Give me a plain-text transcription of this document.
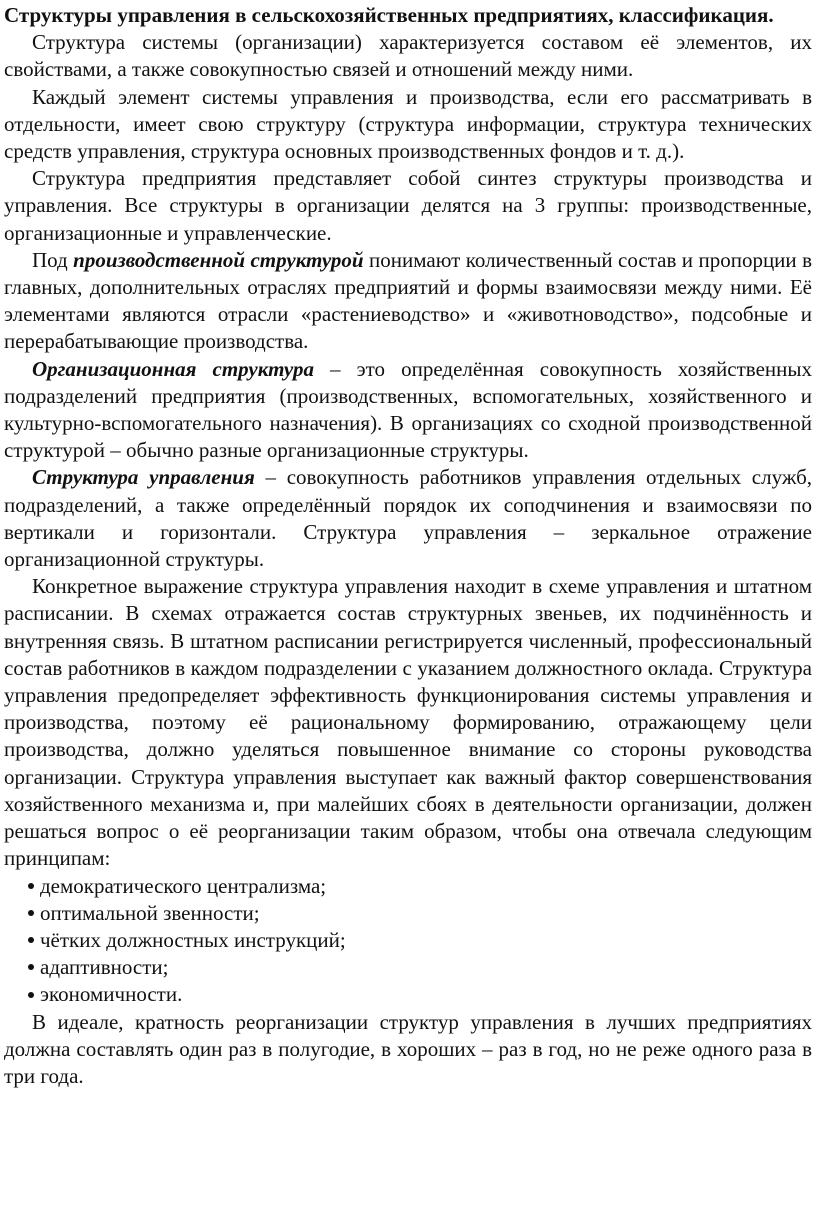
Структуры управления в сельскохозяйственных предприятиях, классификация.

Структура системы (организации) характеризуется составом её элементов, их свойствами, а также совокупностью связей и отношений между ними.

Каждый элемент системы управления и производства, если его рассматривать в отдельности, имеет свою структуру (структура информации, структура технических средств управления, структура основных производственных фондов и т. д.).

Структура предприятия представляет собой синтез структуры производства и управления. Все структуры в организации делятся на 3 группы: производственные, организационные и управленческие.

Под производственной структурой понимают количественный состав и пропорции в главных, дополнительных отраслях предприятий и формы взаимосвязи между ними. Её элементами являются отрасли «растениеводство» и «животноводство», подсобные и перерабатывающие производства.

Организационная структура – это определённая совокупность хозяйственных подразделений предприятия (производственных, вспомогательных, хозяйственного и культурно-вспомогательного назначения). В организациях со сходной производственной структурой – обычно разные организационные структуры.

Структура управления – совокупность работников управления отдельных служб, подразделений, а также определённый порядок их соподчинения и взаимосвязи по вертикали и горизонтали. Структура управления – зеркальное отражение организационной структуры.

Конкретное выражение структура управления находит в схеме управления и штатном расписании. В схемах отражается состав структурных звеньев, их подчинённость и внутренняя связь. В штатном расписании регистрируется численный, профессиональный состав работников в каждом подразделении с указанием должностного оклада. Структура управления предопределяет эффективность функционирования системы управления и производства, поэтому её рациональному формированию, отражающему цели производства, должно уделяться повышенное внимание со стороны руководства организации. Структура управления выступает как важный фактор совершенствования хозяйственного механизма и, при малейших сбоях в деятельности организации, должен решаться вопрос о её реорганизации таким образом, чтобы она отвечала следующим принципам:

демократического централизма;
оптимальной звенности;
чётких должностных инструкций;
адаптивности;
экономичности.

В идеале, кратность реорганизации структур управления в лучших предприятиях должна составлять один раз в полугодие, в хороших – раз в год, но не реже одного раза в три года.
